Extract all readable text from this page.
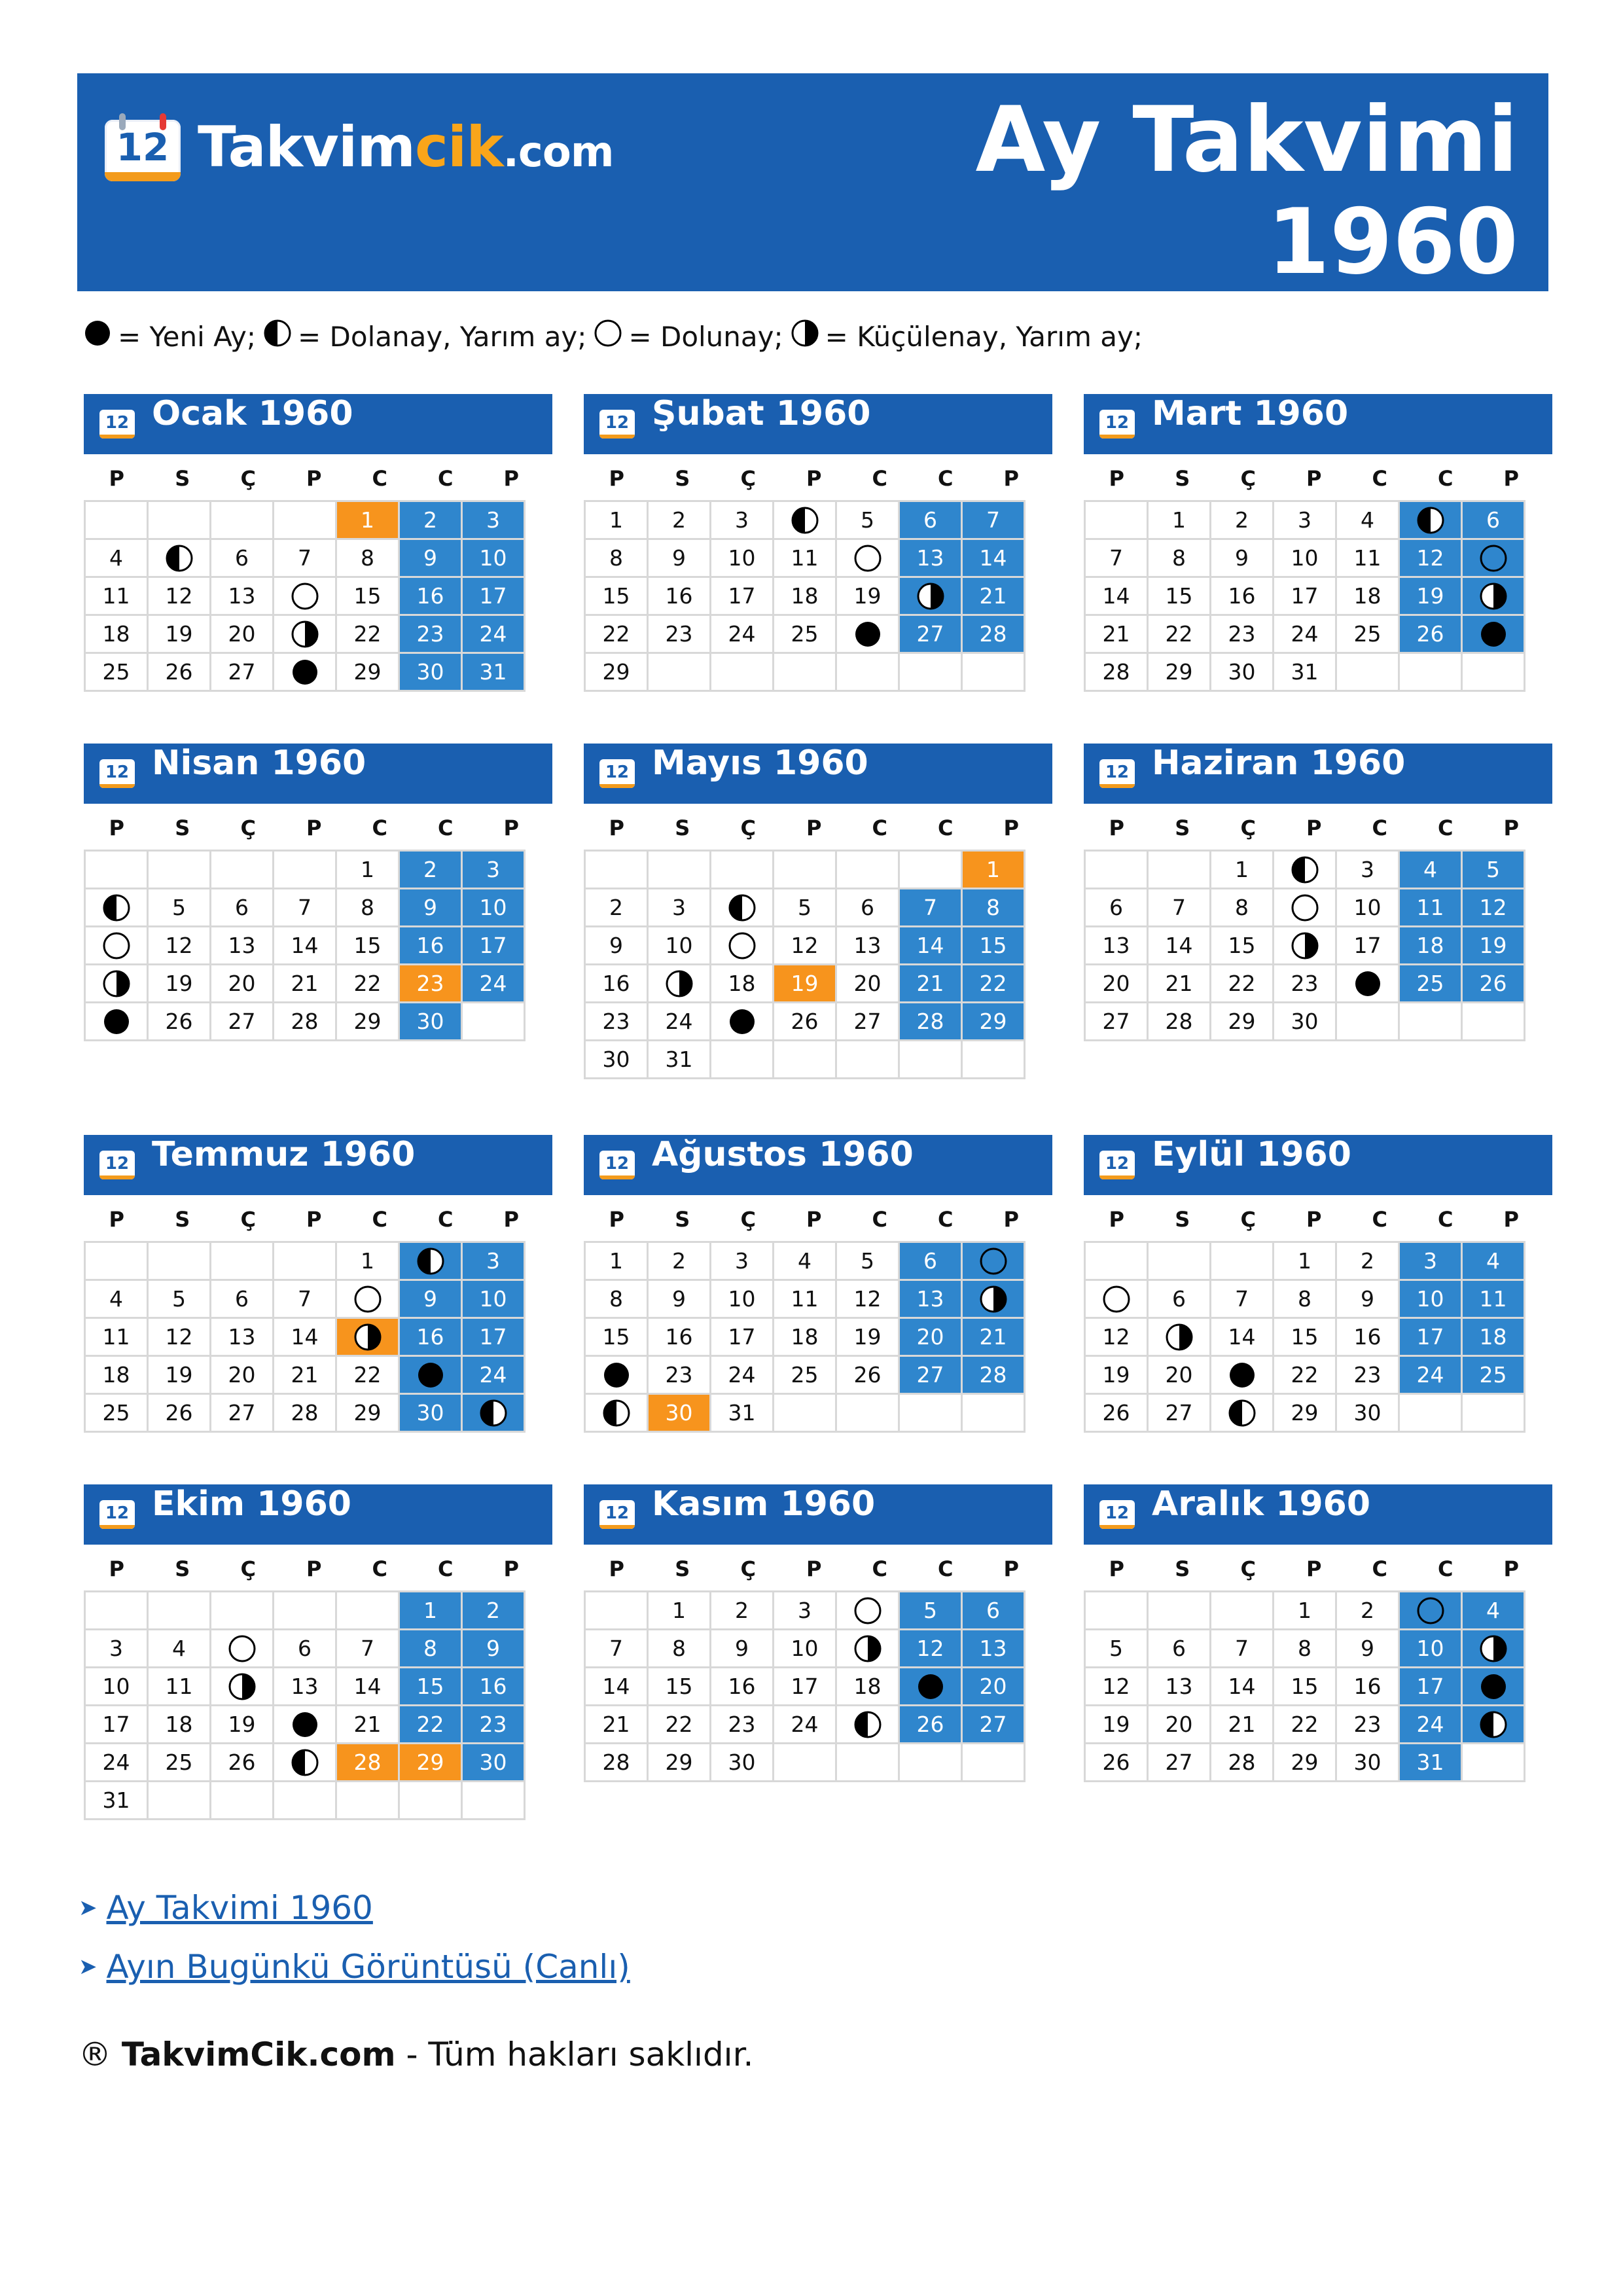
12 Takvimcik.com	Ay Takvimi
1960
= Yeni Ay; = Dolanay, Yarım ay; = Dolunay; = Küçülenay, Yarım ay;
12 Ocak 1960
P	S	Ç	P	C	C	P
				1	2	3
4		6	7	8	9	10
11	12	13		15	16	17
18	19	20		22	23	24
25	26	27		29	30	31
12 Şubat 1960
P	S	Ç	P	C	C	P
1	2	3		5	6	7
8	9	10	11		13	14
15	16	17	18	19		21
22	23	24	25		27	28
29						
12 Mart 1960
P	S	Ç	P	C	C	P
	1	2	3	4		6
7	8	9	10	11	12	

14	15	16	17	18	19	

21	22	23	24	25	26	

28	29	30	31			
12 Nisan 1960
P	S	Ç	P	C	C	P
				1	2	3

	5	6	7	8	9	10

	12	13	14	15	16	17

	19	20	21	22	23	24

	26	27	28	29	30	
12 Mayıs 1960
P	S	Ç	P	C	C	P
						1
2	3		5	6	7	8
9	10		12	13	14	15
16		18	19	20	21	22
23	24		26	27	28	29
30	31					
12 Haziran 1960
P	S	Ç	P	C	C	P
		1		3	4	5
6	7	8		10	11	12
13	14	15		17	18	19
20	21	22	23		25	26
27	28	29	30			
12 Temmuz 1960
P	S	Ç	P	C	C	P
				1		3
4	5	6	7		9	10
11	12	13	14		16	17
18	19	20	21	22		24
25	26	27	28	29	30	
12 Ağustos 1960
P	S	Ç	P	C	C	P
1	2	3	4	5	6	

8	9	10	11	12	13	

15	16	17	18	19	20	21

	23	24	25	26	27	28

	30	31				
12 Eylül 1960
P	S	Ç	P	C	C	P
			1	2	3	4

	6	7	8	9	10	11
12		14	15	16	17	18
19	20		22	23	24	25
26	27		29	30		
12 Ekim 1960
P	S	Ç	P	C	C	P
					1	2
3	4		6	7	8	9
10	11		13	14	15	16
17	18	19		21	22	23
24	25	26		28	29	30
31						
12 Kasım 1960
P	S	Ç	P	C	C	P
	1	2	3		5	6
7	8	9	10		12	13
14	15	16	17	18		20
21	22	23	24		26	27
28	29	30				
12 Aralık 1960
P	S	Ç	P	C	C	P
			1	2		4
5	6	7	8	9	10	

12	13	14	15	16	17	

19	20	21	22	23	24	

26	27	28	29	30	31	
➤ Ay Takvimi 1960
➤ Ayın Bugünkü Görüntüsü (Canlı)
® TakvimCik.com - Tüm hakları saklıdır.
